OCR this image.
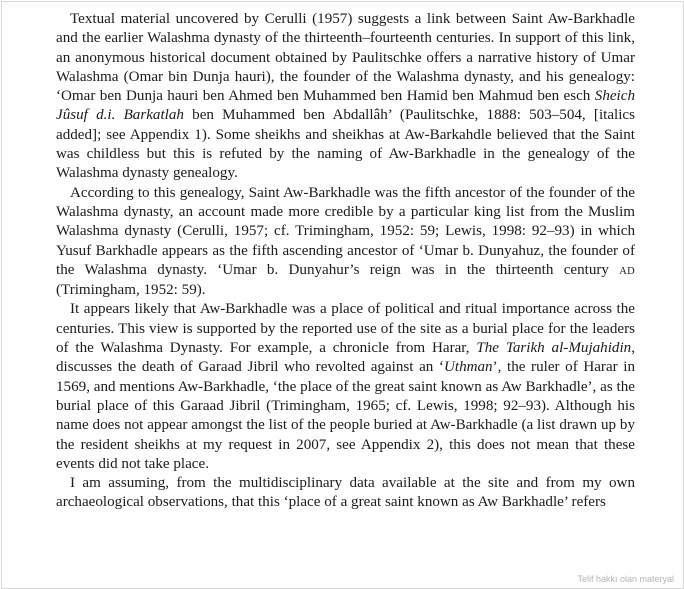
Textual material uncovered by Cerulli (1957) suggests a link between Saint Aw-Barkhadle and the earlier Walashma dynasty of the thirteenth–fourteenth centuries. In support of this link, an anonymous historical document obtained by Paulitschke offers a narrative history of Umar Walashma (Omar bin Dunja hauri), the founder of the Walashma dynasty, and his genealogy: ‘Omar ben Dunja hauri ben Ahmed ben Muhammed ben Hamid ben Mahmud ben esch Sheich Jûsuf d.i. Barkatlah ben Muhammed ben Abdallâh’ (Paulitschke, 1888: 503–504, [italics added]; see Appendix 1). Some sheikhs and sheikhas at Aw-Barkahdle believed that the Saint was childless but this is refuted by the naming of Aw-Barkhadle in the genealogy of the Walashma dynasty genealogy.

According to this genealogy, Saint Aw-Barkhadle was the fifth ancestor of the founder of the Walashma dynasty, an account made more credible by a particular king list from the Muslim Walashma dynasty (Cerulli, 1957; cf. Trimingham, 1952: 59; Lewis, 1998: 92–93) in which Yusuf Barkhadle appears as the fifth ascending ancestor of ‘Umar b. Dunyahuz, the founder of the Walashma dynasty. ‘Umar b. Dunyahur’s reign was in the thirteenth century AD (Trimingham, 1952: 59).

It appears likely that Aw-Barkhadle was a place of political and ritual importance across the centuries. This view is supported by the reported use of the site as a burial place for the leaders of the Walashma Dynasty. For example, a chronicle from Harar, The Tarikh al-Mujahidin, discusses the death of Garaad Jibril who revolted against an ‘Uthman’, the ruler of Harar in 1569, and mentions Aw-Barkhadle, ‘the place of the great saint known as Aw Barkhadle’, as the burial place of this Garaad Jibril (Trimingham, 1965; cf. Lewis, 1998; 92–93). Although his name does not appear amongst the list of the people buried at Aw-Barkhadle (a list drawn up by the resident sheikhs at my request in 2007, see Appendix 2), this does not mean that these events did not take place.

I am assuming, from the multidisciplinary data available at the site and from my own archaeological observations, that this ‘place of a great saint known as Aw Barkhadle’ refers

Telif hakkı olan materyal
